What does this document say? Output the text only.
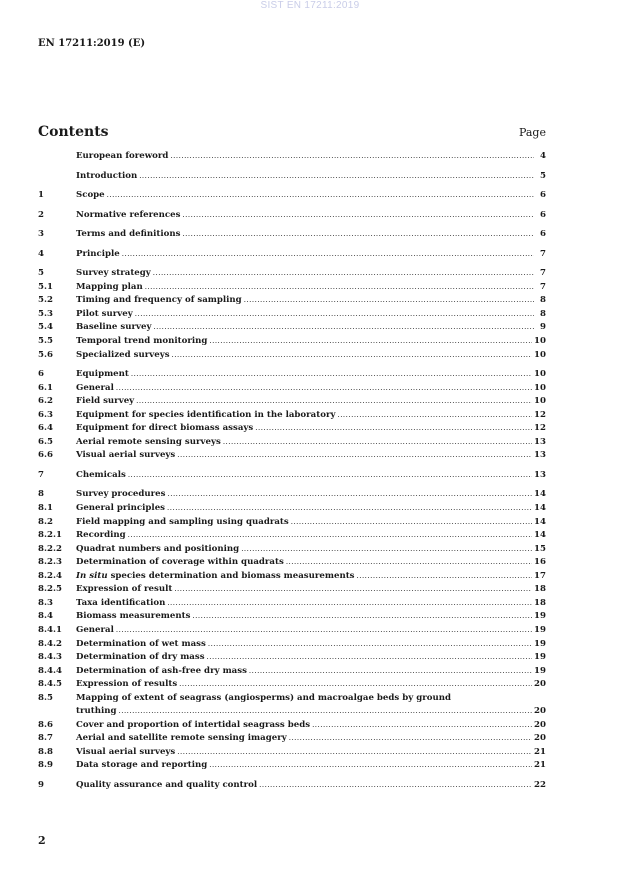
SIST EN 17211:2019
EN 17211:2019 (E)
Contents	Page
European foreword .....	4
Introduction .....	5
1	Scope .....	6
2	Normative references .....	6
3	Terms and definitions .....	6
4	Principle .....	7
5	Survey strategy .....	7
5.1	Mapping plan .....	7
5.2	Timing and frequency of sampling .....	8
5.3	Pilot survey .....	8
5.4	Baseline survey .....	9
5.5	Temporal trend monitoring .....	10
5.6	Specialized surveys .....	10
6	Equipment .....	10
6.1	General .....	10
6.2	Field survey .....	10
6.3	Equipment for species identification in the laboratory .....	12
6.4	Equipment for direct biomass assays .....	12
6.5	Aerial remote sensing surveys .....	13
6.6	Visual aerial surveys .....	13
7	Chemicals .....	13
8	Survey procedures .....	14
8.1	General principles .....	14
8.2	Field mapping and sampling using quadrats .....	14
8.2.1	Recording .....	14
8.2.2	Quadrat numbers and positioning .....	15
8.2.3	Determination of coverage within quadrats .....	16
8.2.4	In situ species determination and biomass measurements .....	17
8.2.5	Expression of result .....	18
8.3	Taxa identification .....	18
8.4	Biomass measurements .....	19
8.4.1	General .....	19
8.4.2	Determination of wet mass .....	19
8.4.3	Determination of dry mass .....	19
8.4.4	Determination of ash-free dry mass .....	19
8.4.5	Expression of results .....	20
8.5	Mapping of extent of seagrass (angiosperms) and macroalgae beds by ground
truthing .....	20
8.6	Cover and proportion of intertidal seagrass beds .....	20
8.7	Aerial and satellite remote sensing imagery .....	20
8.8	Visual aerial surveys .....	21
8.9	Data storage and reporting .....	21
9	Quality assurance and quality control .....	22
2
